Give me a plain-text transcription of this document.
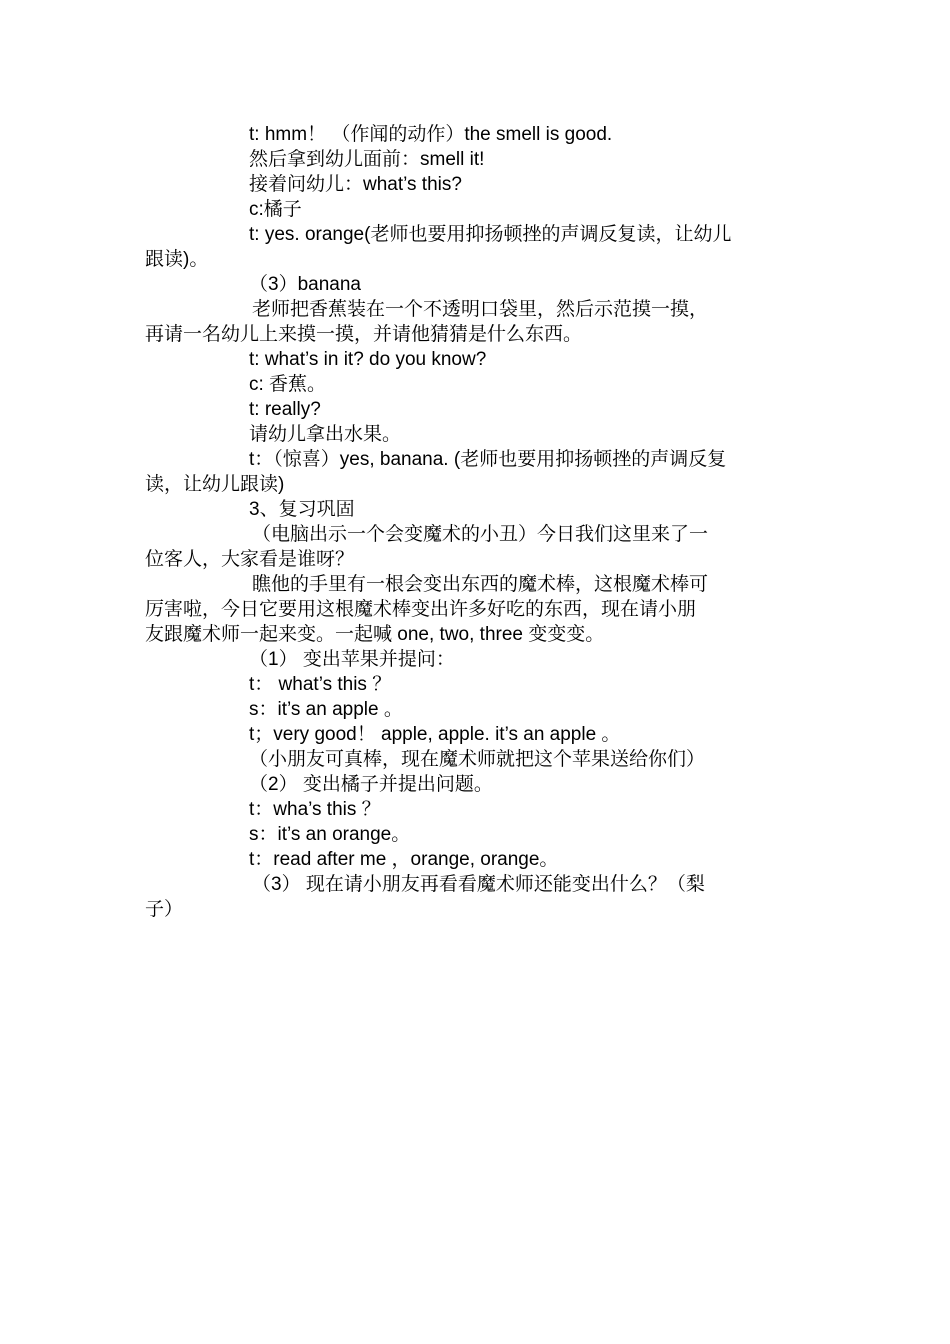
t: hmm！ （作闻的动作）the smell is good.
然后拿到幼儿面前：smell it!
接着问幼儿：what’s this?
c:橘子
t: yes. orange(老师也要用抑扬顿挫的声调反复读，让幼儿
跟读)。
（3）banana
老师把香蕉装在一个不透明口袋里，然后示范摸一摸，
再请一名幼儿上来摸一摸，并请他猜猜是什么东西。
t: what’s in it? do you know?
c: 香蕉。
t: really?
请幼儿拿出水果。
t：（惊喜）yes, banana. (老师也要用抑扬顿挫的声调反复
读，让幼儿跟读)
3、复习巩固
（电脑出示一个会变魔术的小丑）今日我们这里来了一
位客人，大家看是谁呀？
瞧他的手里有一根会变出东西的魔术棒，这根魔术棒可
厉害啦，今日它要用这根魔术棒变出许多好吃的东西，现在请小朋
友跟魔术师一起来变。一起喊 one, two, three 变变变。
（1） 变出苹果并提问：
t： what’s this ？
s：it’s an apple 。
t；very good！ apple, apple. it’s an apple 。
（小朋友可真棒，现在魔术师就把这个苹果送给你们）
（2） 变出橘子并提出问题。
t：wha’s this ？
s：it’s an orange。
t：read after me ，orange, orange。
（3） 现在请小朋友再看看魔术师还能变出什么？（梨
子）
